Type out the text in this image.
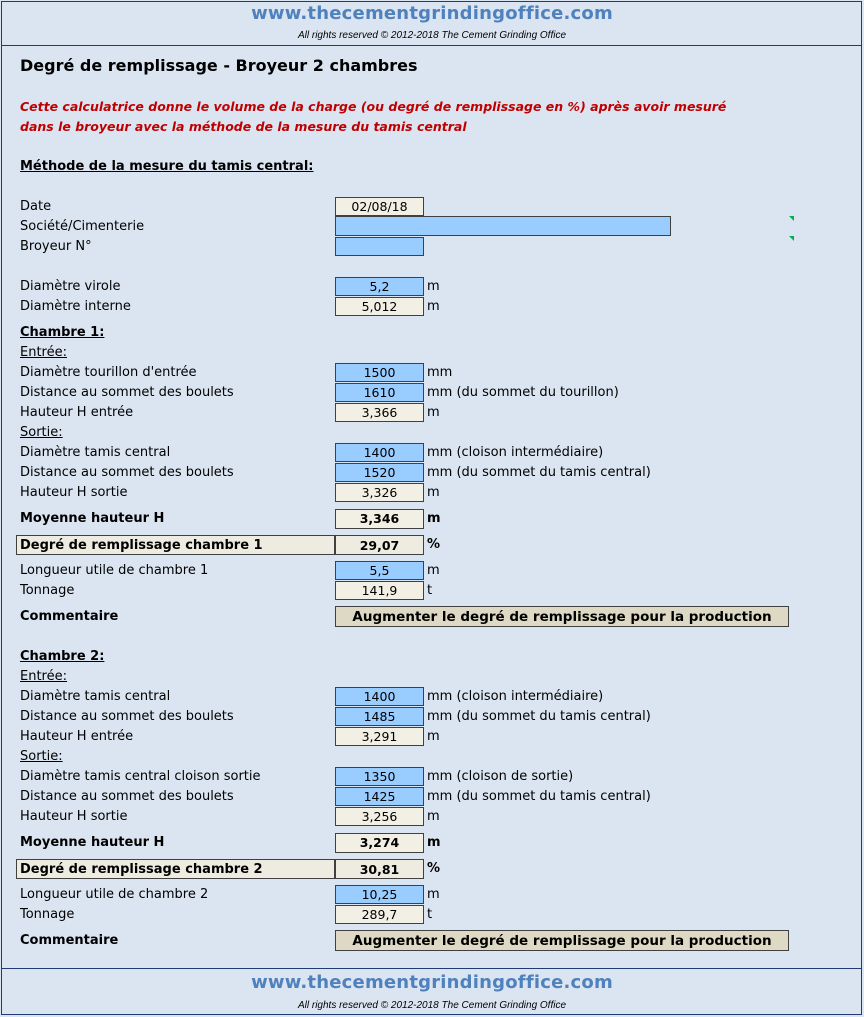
www.thecementgrindingoffice.com
All rights reserved © 2012-2018 The Cement Grinding Office
Degré de remplissage - Broyeur 2 chambres
Cette calculatrice donne le volume de la charge (ou degré de remplissage en %) après avoir mesuré
dans le broyeur avec la méthode de la mesure du tamis central
Méthode de la mesure du tamis central:
Date	02/08/18
Société/Cimenterie
Broyeur N°
Diamètre virole	5,2	m
Diamètre interne	5,012	m
Chambre 1:
Entrée:
Diamètre tourillon d'entrée	1500	mm
Distance au sommet des boulets	1610	mm (du sommet du tourillon)
Hauteur H entrée	3,366	m
Sortie:
Diamètre tamis central	1400	mm (cloison intermédiaire)
Distance au sommet des boulets	1520	mm (du sommet du tamis central)
Hauteur H sortie	3,326	m
Moyenne hauteur H	3,346	m
Degré de remplissage chambre 1	29,07	%
Longueur utile de chambre 1	5,5	m
Tonnage	141,9	t
Commentaire	Augmenter le degré de remplissage pour la production
Chambre 2:
Entrée:
Diamètre tamis central	1400	mm (cloison intermédiaire)
Distance au sommet des boulets	1485	mm (du sommet du tamis central)
Hauteur H entrée	3,291	m
Sortie:
Diamètre tamis central cloison sortie	1350	mm (cloison de sortie)
Distance au sommet des boulets	1425	mm (du sommet du tamis central)
Hauteur H sortie	3,256	m
Moyenne hauteur H	3,274	m
Degré de remplissage chambre 2	30,81	%
Longueur utile de chambre 2	10,25	m
Tonnage	289,7	t
Commentaire	Augmenter le degré de remplissage pour la production
www.thecementgrindingoffice.com
All rights reserved © 2012-2018 The Cement Grinding Office
